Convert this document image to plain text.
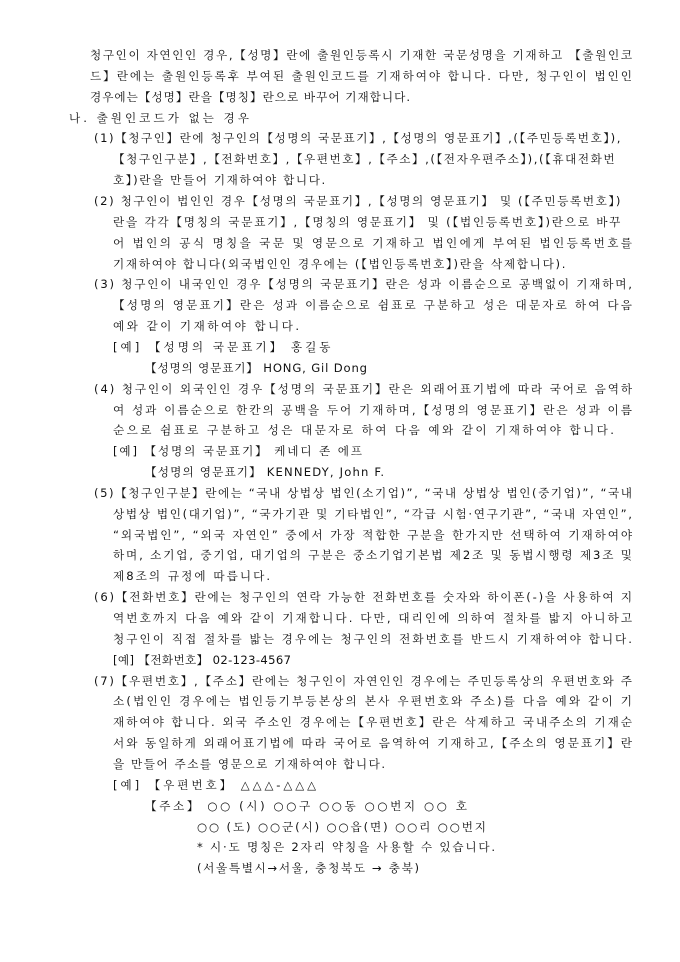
청구인이 자연인인 경우,【성명】란에 출원인등록시 기재한 국문성명을 기재하고 【출원인코
드】란에는 출원인등록후 부여된 출원인코드를 기재하여야 합니다. 다만, 청구인이 법인인
경우에는【성명】란을【명칭】란으로 바꾸어 기재합니다.
나. 출원인코드가 없는 경우
(1)【청구인】란에 청구인의【성명의 국문표기】,【성명의 영문표기】,(【주민등록번호】),
【청구인구분】,【전화번호】,【우편번호】,【주소】,(【전자우편주소】),(【휴대전화번
호】)란을 만들어 기재하여야 합니다.
(2) 청구인이 법인인 경우【성명의 국문표기】,【성명의 영문표기】 및 (【주민등록번호】)
란을 각각【명칭의 국문표기】,【명칭의 영문표기】 및 (【법인등록번호】)란으로 바꾸
어 법인의 공식 명칭을 국문 및 영문으로 기재하고 법인에게 부여된 법인등록번호를
기재하여야 합니다(외국법인인 경우에는 (【법인등록번호】)란을 삭제합니다).
(3) 청구인이 내국인인 경우【성명의 국문표기】란은 성과 이름순으로 공백없이 기재하며,
【성명의 영문표기】란은 성과 이름순으로 쉼표로 구분하고 성은 대문자로 하여 다음
예와 같이 기재하여야 합니다.
[예] 【성명의 국문표기】 홍길동
【성명의 영문표기】 HONG, Gil Dong
(4) 청구인이 외국인인 경우【성명의 국문표기】란은 외래어표기법에 따라 국어로 음역하
여 성과 이름순으로 한칸의 공백을 두어 기재하며,【성명의 영문표기】란은 성과 이름
순으로 쉼표로 구분하고 성은 대문자로 하여 다음 예와 같이 기재하여야 합니다.
[예] 【성명의 국문표기】 케네디 존 에프
【성명의 영문표기】 KENNEDY, John F.
(5)【청구인구분】란에는 “국내 상법상 법인(소기업)”, “국내 상법상 법인(중기업)”, “국내
상법상 법인(대기업)”, “국가기관 및 기타법인”, “각급 시험·연구기관”, “국내 자연인”,
“외국법인”, “외국 자연인” 중에서 가장 적합한 구분을 한가지만 선택하여 기재하여야
하며, 소기업, 중기업, 대기업의 구분은 중소기업기본법 제2조 및 동법시행령 제3조 및
제8조의 규정에 따릅니다.
(6)【전화번호】란에는 청구인의 연락 가능한 전화번호를 숫자와 하이폰(-)을 사용하여 지
역번호까지 다음 예와 같이 기재합니다. 다만, 대리인에 의하여 절차를 밟지 아니하고
청구인이 직접 절차를 밟는 경우에는 청구인의 전화번호를 반드시 기재하여야 합니다.
[예] 【전화번호】 02-123-4567
(7)【우편번호】,【주소】란에는 청구인이 자연인인 경우에는 주민등록상의 우편번호와 주
소(법인인 경우에는 법인등기부등본상의 본사 우편번호와 주소)를 다음 예와 같이 기
재하여야 합니다. 외국 주소인 경우에는【우편번호】란은 삭제하고 국내주소의 기재순
서와 동일하게 외래어표기법에 따라 국어로 음역하여 기재하고,【주소의 영문표기】란
을 만들어 주소를 영문으로 기재하여야 합니다.
[예] 【우편번호】 △△△-△△△
【주소】 ○○ (시) ○○구 ○○동 ○○번지 ○○ 호
○○ (도) ○○군(시) ○○읍(면) ○○리 ○○번지
* 시·도 명칭은 2자리 약칭을 사용할 수 있습니다.
(서울특별시→서울, 충청북도 → 충북)
